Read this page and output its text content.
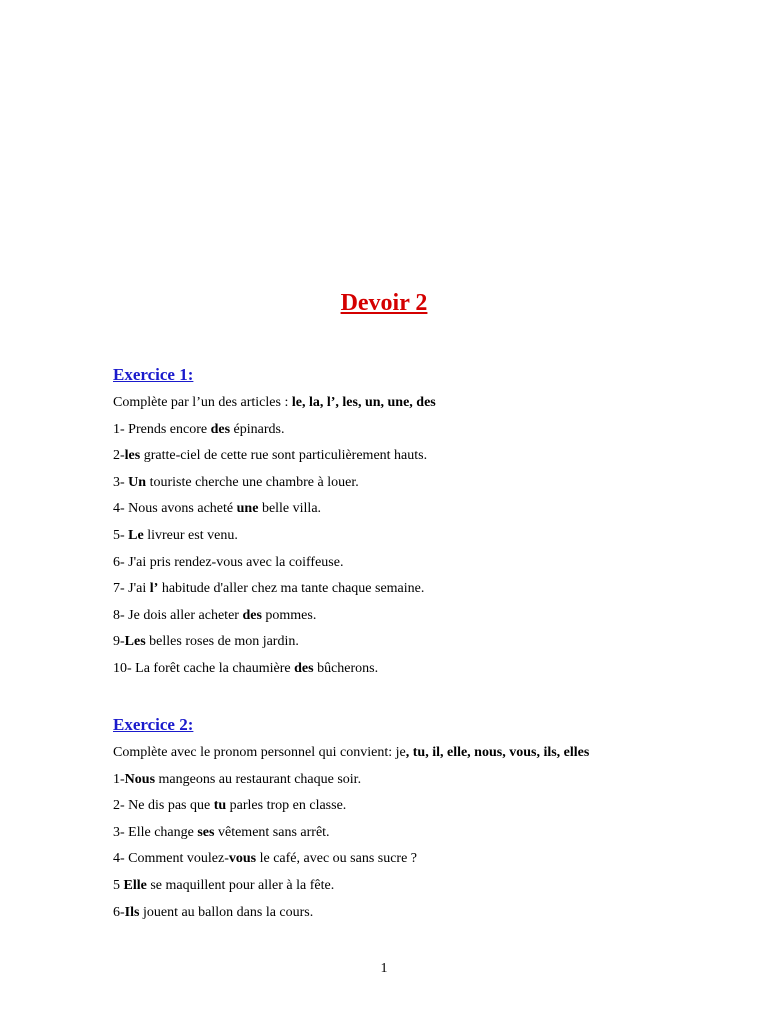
Devoir 2
Exercice 1:

Complète par l’un des articles : le, la, l’, les, un, une, des

1- Prends encore des épinards.

2-les gratte-ciel de cette rue sont particulièrement hauts.

3- Un touriste cherche une chambre à louer.

4- Nous avons acheté une belle villa.

5- Le livreur est venu.

6- J'ai pris rendez-vous avec la coiffeuse.

7- J'ai l’ habitude d'aller chez ma tante chaque semaine.

8- Je dois aller acheter des pommes.

9-Les belles roses de mon jardin.

10- La forêt cache la chaumière des bûcherons.

Exercice 2:

Complète avec le pronom personnel qui convient: je, tu, il, elle, nous, vous, ils, elles

1-Nous mangeons au restaurant chaque soir.

2- Ne dis pas que tu parles trop en classe.

3- Elle change ses vêtement sans arrêt.

4- Comment voulez-vous le café, avec ou sans sucre ?

5 Elle se maquillent pour aller à la fête.

6-Ils jouent au ballon dans la cours.

1
